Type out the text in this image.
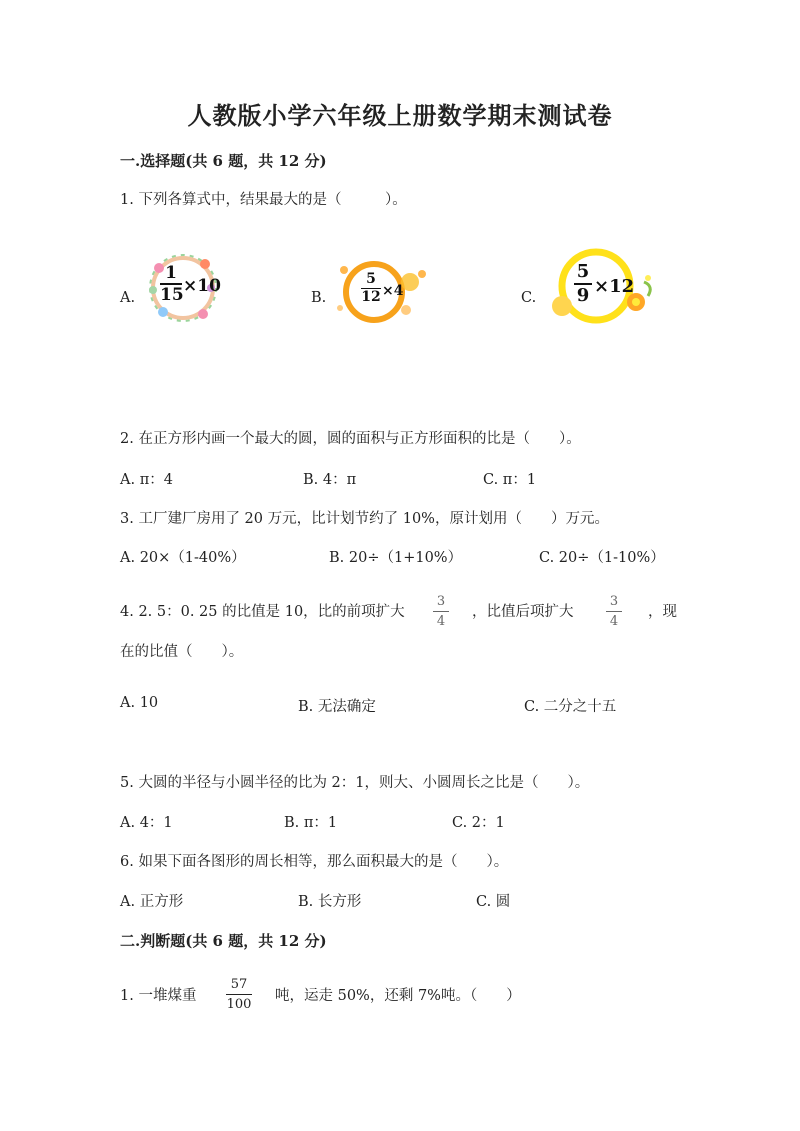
人教版小学六年级上册数学期末测试卷
一.选择题(共 6 题，共 12 分)
1. 下列各算式中，结果最大的是（　　　）。
A.
1
15 ×10
B.
5
12 ×4	C.
5
9 ×12
2. 在正方形内画一个最大的圆，圆的面积与正方形面积的比是（　　）。
A. π：4	B. 4：π	C. π：1
3. 工厂建厂房用了 20 万元，比计划节约了 10%，原计划用（　　）万元。
A. 20×（1-40%）	B. 20÷（1+10%）	C. 20÷（1-10%）
4. 2. 5：0. 25 的比值是 10，比的前项扩大
3
4
，比值后项扩大
3
4
，现
在的比值（　　）。
A. 10	B. 无法确定	C. 二分之十五
5. 大圆的半径与小圆半径的比为 2：1，则大、小圆周长之比是（　　）。
A. 4：1	B. π：1	C. 2：1
6. 如果下面各图形的周长相等，那么面积最大的是（　　）。
A. 正方形	B. 长方形	C. 圆
二.判断题(共 6 题，共 12 分)
1. 一堆煤重
57
100
吨，运走 50%，还剩 7%吨。（　　）
